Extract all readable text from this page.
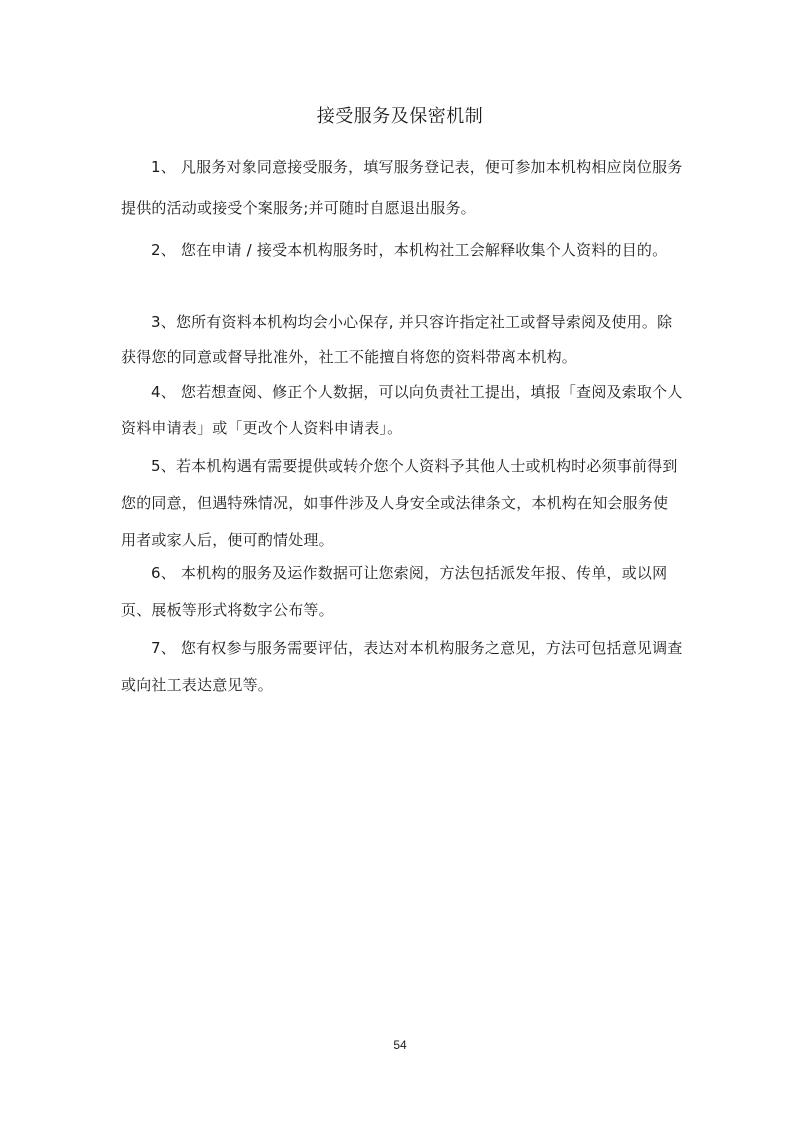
接受服务及保密机制
1、 凡服务对象同意接受服务，填写服务登记表，便可参加本机构相应岗位服务提供的活动或接受个案服务;并可随时自愿退出服务。
2、 您在申请 / 接受本机构服务时，本机构社工会解释收集个人资料的目的。
3、您所有资料本机构均会小心保存, 并只容许指定社工或督导索阅及使用。除获得您的同意或督导批准外，社工不能擅自将您的资料带离本机构。
4、 您若想查阅、修正个人数据，可以向负责社工提出，填报「查阅及索取个人资料申请表」或「更改个人资料申请表」。
5、若本机构遇有需要提供或转介您个人资料予其他人士或机构时必须事前得到您的同意，但遇特殊情况，如事件涉及人身安全或法律条文，本机构在知会服务使用者或家人后，便可酌情处理。
6、 本机构的服务及运作数据可让您索阅，方法包括派发年报、传单，或以网页、展板等形式将数字公布等。
7、 您有权参与服务需要评估，表达对本机构服务之意见，方法可包括意见调查或向社工表达意见等。
54
